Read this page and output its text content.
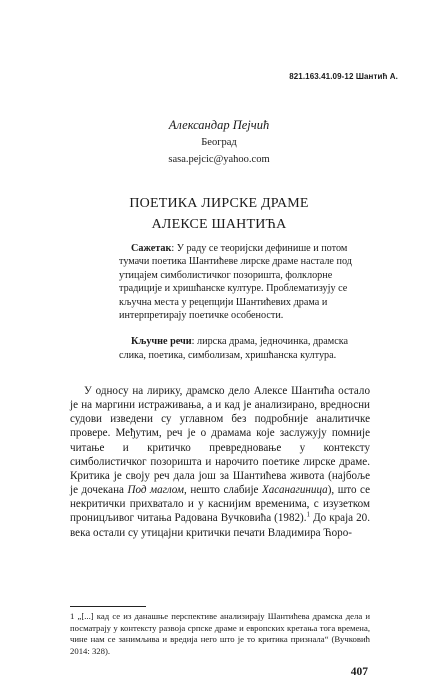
821.163.41.09-12 Шантић А.
Александар Пејчић
Београд
sasa.pejcic@yahoo.com
ПОЕТИКА ЛИРСКЕ ДРАМЕ
АЛЕКСЕ ШАНТИЋА

Сажетак: У раду се теоријски дефинише и потом тумачи поетика Шантићеве лирске драме настале под утицајем симболистичког позоришта, фолклорне традиције и хришћанске културе. Проблематизују се кључна места у рецепцији Шантићевих драма и интерпретирају поетичке особености.

Кључне речи: лирска драма, једночинка, драмска слика, поетика, симболизам, хришћанска култура.

У односу на лирику, драмско дело Алексе Шантића остало је на маргини истраживања, а и кад је анализирано, вредносни судови изведени су углавном без подробније аналитичке провере. Међутим, реч је о драмама које заслужују помније читање и критичко превредновање у контексту симболистичког позоришта и нарочито поетике лирске драме. Критика је своју реч дала још за Шантићева живота (најбоље је дочекана Под маглом, нешто слабије Хасанагиница), што се некритички прихватало и у каснијим временима, с изузетком проницљивог читања Радована Вучковића (1982).$^1$ До краја 20. века остали су утицајни критички печати Владимира Ћоро-

1 „[...] кад се из данашње перспективе анализирају Шантићева драмска дела и посматрају у контексту развоја српске драме и европских кретања тога времена, чине нам се занимљива и вредија него што је то критика признала“ (Вучковић 2014: 328).

407
